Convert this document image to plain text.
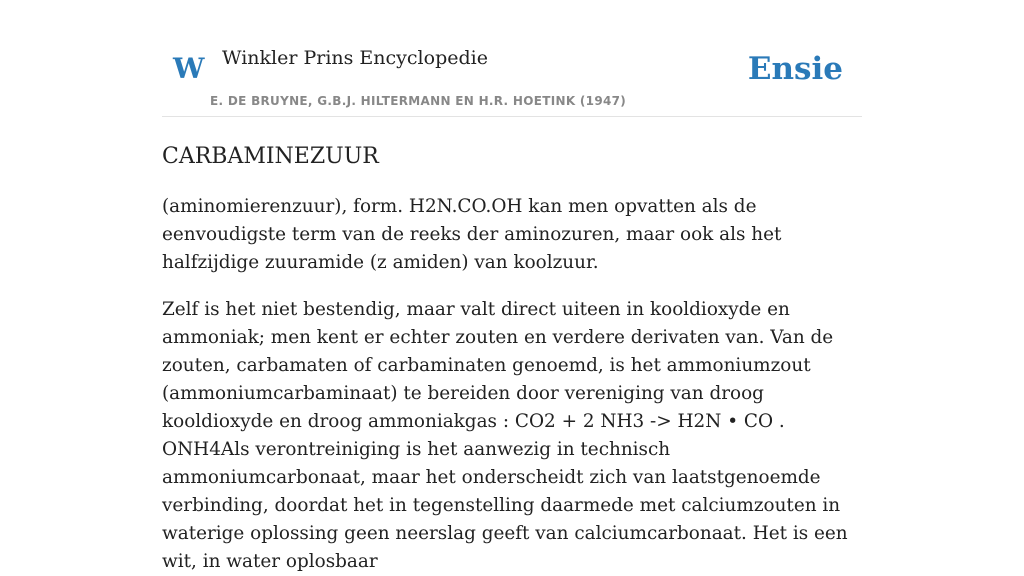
W Winkler Prins Encyclopedie	Ensie
E. DE BRUYNE, G.B.J. HILTERMANN EN H.R. HOETINK (1947)
CARBAMINEZUUR

(aminomierenzuur), form. H2N.CO.OH kan men opvatten als de eenvoudigste term van de reeks der aminozuren, maar ook als het halfzijdige zuuramide (z amiden) van koolzuur.

Zelf is het niet bestendig, maar valt direct uiteen in kooldioxyde en ammoniak; men kent er echter zouten en verdere derivaten van. Van de zouten, carbamaten of carbaminaten genoemd, is het ammoniumzout (ammoniumcarbaminaat) te bereiden door vereniging van droog kooldioxyde en droog ammoniakgas : CO2 + 2 NH3 -> H2N • CO . ONH4Als verontreiniging is het aanwezig in technisch ammoniumcarbonaat, maar het onderscheidt zich van laatstgenoemde verbinding, doordat het in tegenstelling daarmede met calciumzouten in waterige oplossing geen neerslag geeft van calciumcarbonaat. Het is een wit, in water oplosbaar
